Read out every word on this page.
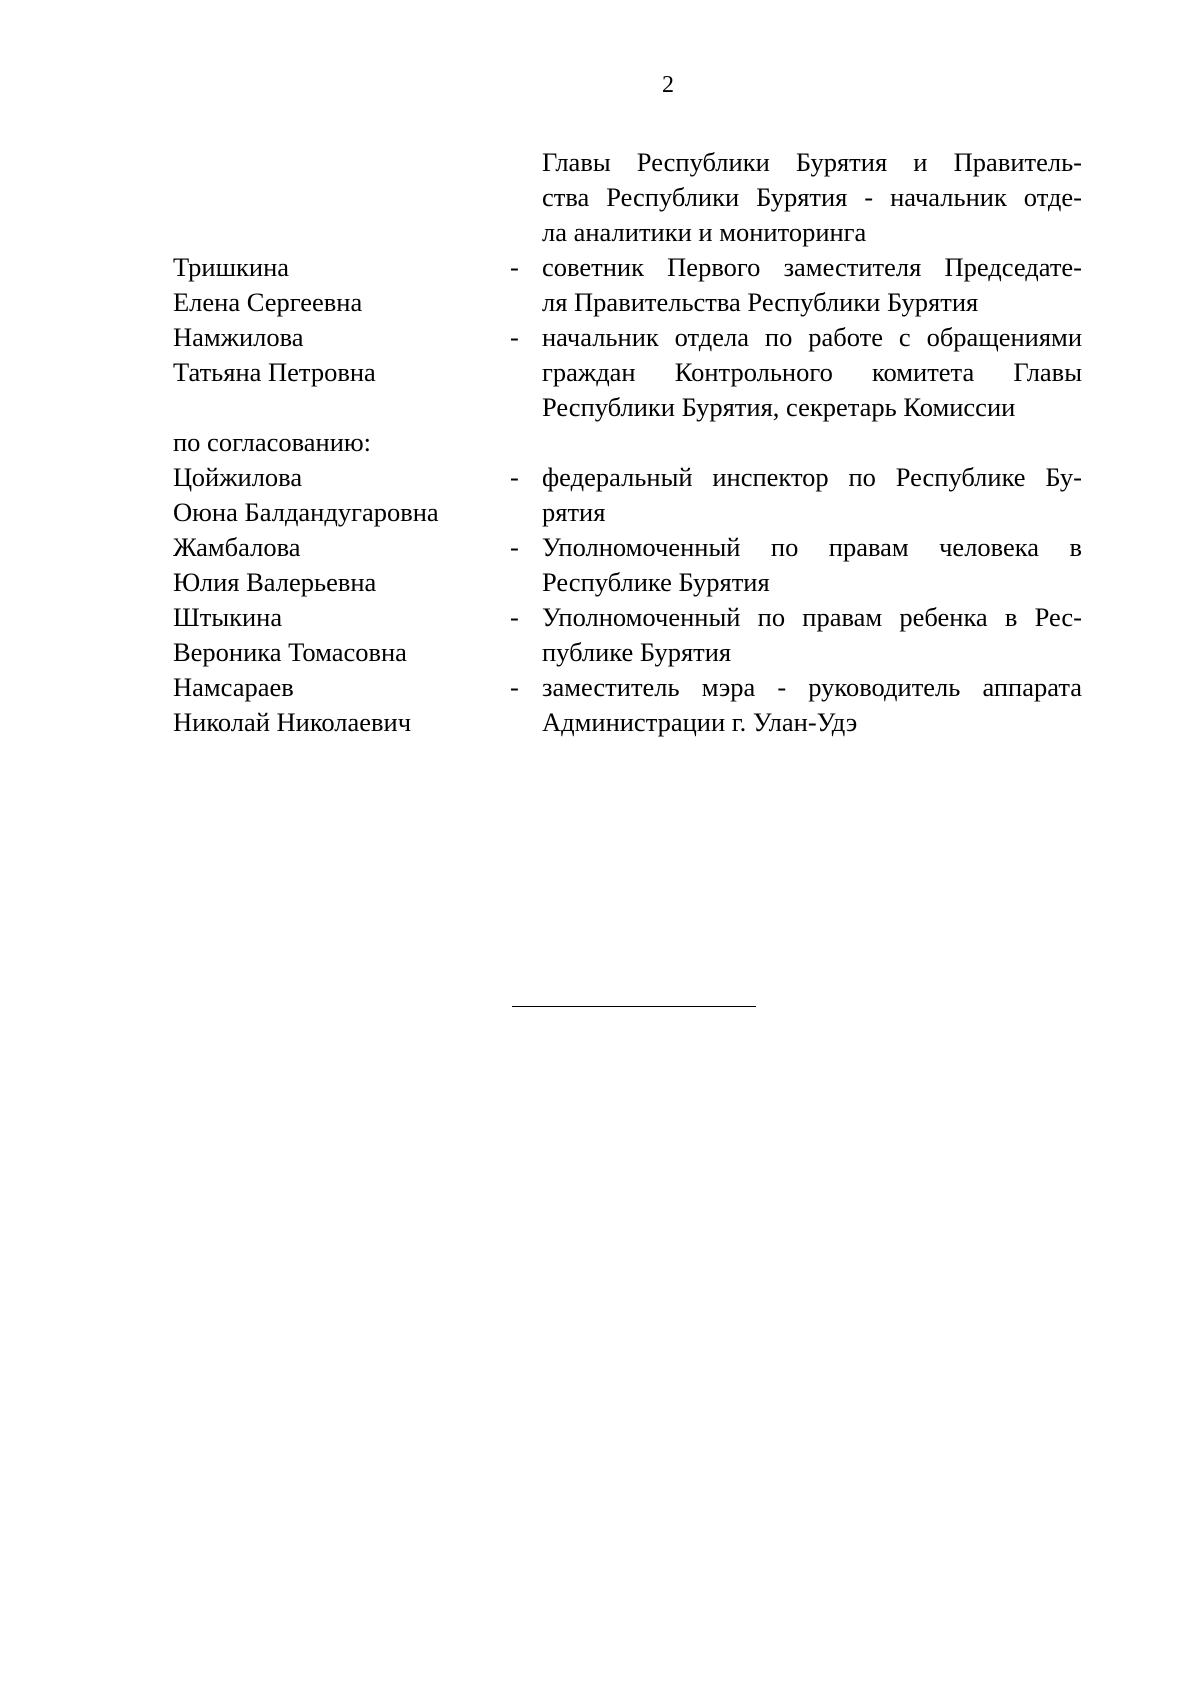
2
Главы Республики Бурятия и Правитель-
ства Республики Бурятия - начальник отде-
ла аналитики и мониторинга
Тришкина	- советник Первого заместителя Председате-
Елена Сергеевна	ля Правительства Республики Бурятия
Намжилова	- начальник отдела по работе с обращениями
Татьяна Петровна	граждан Контрольного комитета Главы
Республики Бурятия, секретарь Комиссии
по согласованию:
Цойжилова	- федеральный инспектор по Республике Бу-
Оюна Балдандугаровна	рятия
Жамбалова	- Уполномоченный по правам человека в
Юлия Валерьевна	Республике Бурятия
Штыкина	- Уполномоченный по правам ребенка в Рес-
Вероника Томасовна	публике Бурятия
Намсараев	- заместитель мэра - руководитель аппарата
Николай Николаевич	Администрации г. Улан-Удэ
